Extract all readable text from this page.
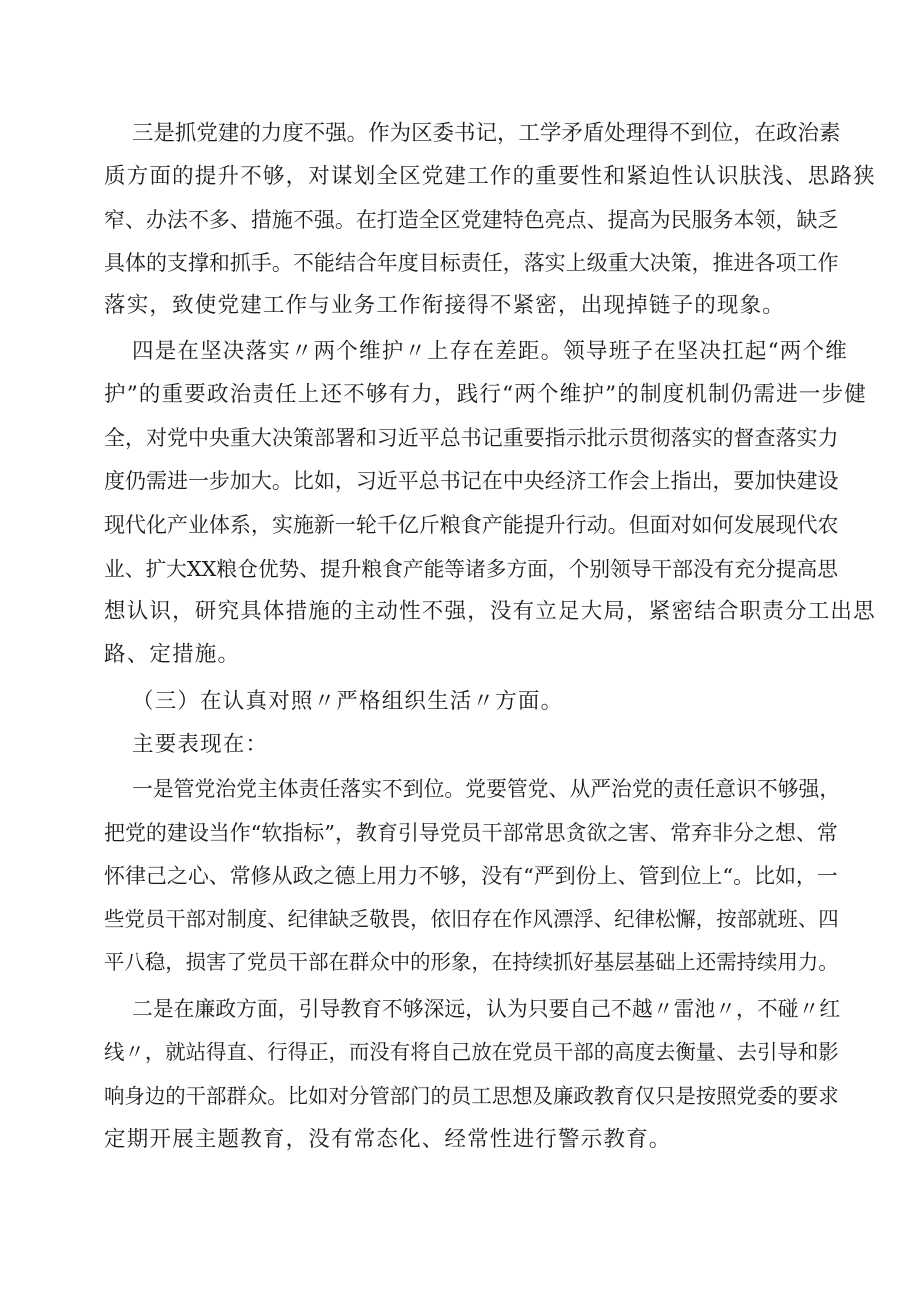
三是抓党建的力度不强。作为区委书记，工学矛盾处理得不到位，在政治素
质方面的提升不够，对谋划全区党建工作的重要性和紧迫性认识肤浅、思路狭
窄、办法不多、措施不强。在打造全区党建特色亮点、提高为民服务本领，缺乏
具体的支撑和抓手。不能结合年度目标责任，落实上级重大决策，推进各项工作
落实，致使党建工作与业务工作衔接得不紧密，出现掉链子的现象。
四是在坚决落实〃两个维护〃上存在差距。领导班子在坚决扛起“两个维
护”的重要政治责任上还不够有力，践行“两个维护”的制度机制仍需进一步健
全，对党中央重大决策部署和习近平总书记重要指示批示贯彻落实的督查落实力
度仍需进一步加大。比如，习近平总书记在中央经济工作会上指出，要加快建设
现代化产业体系，实施新一轮千亿斤粮食产能提升行动。但面对如何发展现代农
业、扩大XX粮仓优势、提升粮食产能等诸多方面，个别领导干部没有充分提高思
想认识，研究具体措施的主动性不强，没有立足大局，紧密结合职责分工出思
路、定措施。
（三）在认真对照〃严格组织生活〃方面。
主要表现在：
一是管党治党主体责任落实不到位。党要管党、从严治党的责任意识不够强，
把党的建设当作“软指标”，教育引导党员干部常思贪欲之害、常弃非分之想、常
怀律己之心、常修从政之德上用力不够，没有“严到份上、管到位上“。比如，一
些党员干部对制度、纪律缺乏敬畏，依旧存在作风漂浮、纪律松懈，按部就班、四
平八稳，损害了党员干部在群众中的形象，在持续抓好基层基础上还需持续用力。
二是在廉政方面，引导教育不够深远，认为只要自己不越〃雷池〃，不碰〃红
线〃，就站得直、行得正，而没有将自己放在党员干部的高度去衡量、去引导和影
响身边的干部群众。比如对分管部门的员工思想及廉政教育仅只是按照党委的要求
定期开展主题教育，没有常态化、经常性进行警示教育。
